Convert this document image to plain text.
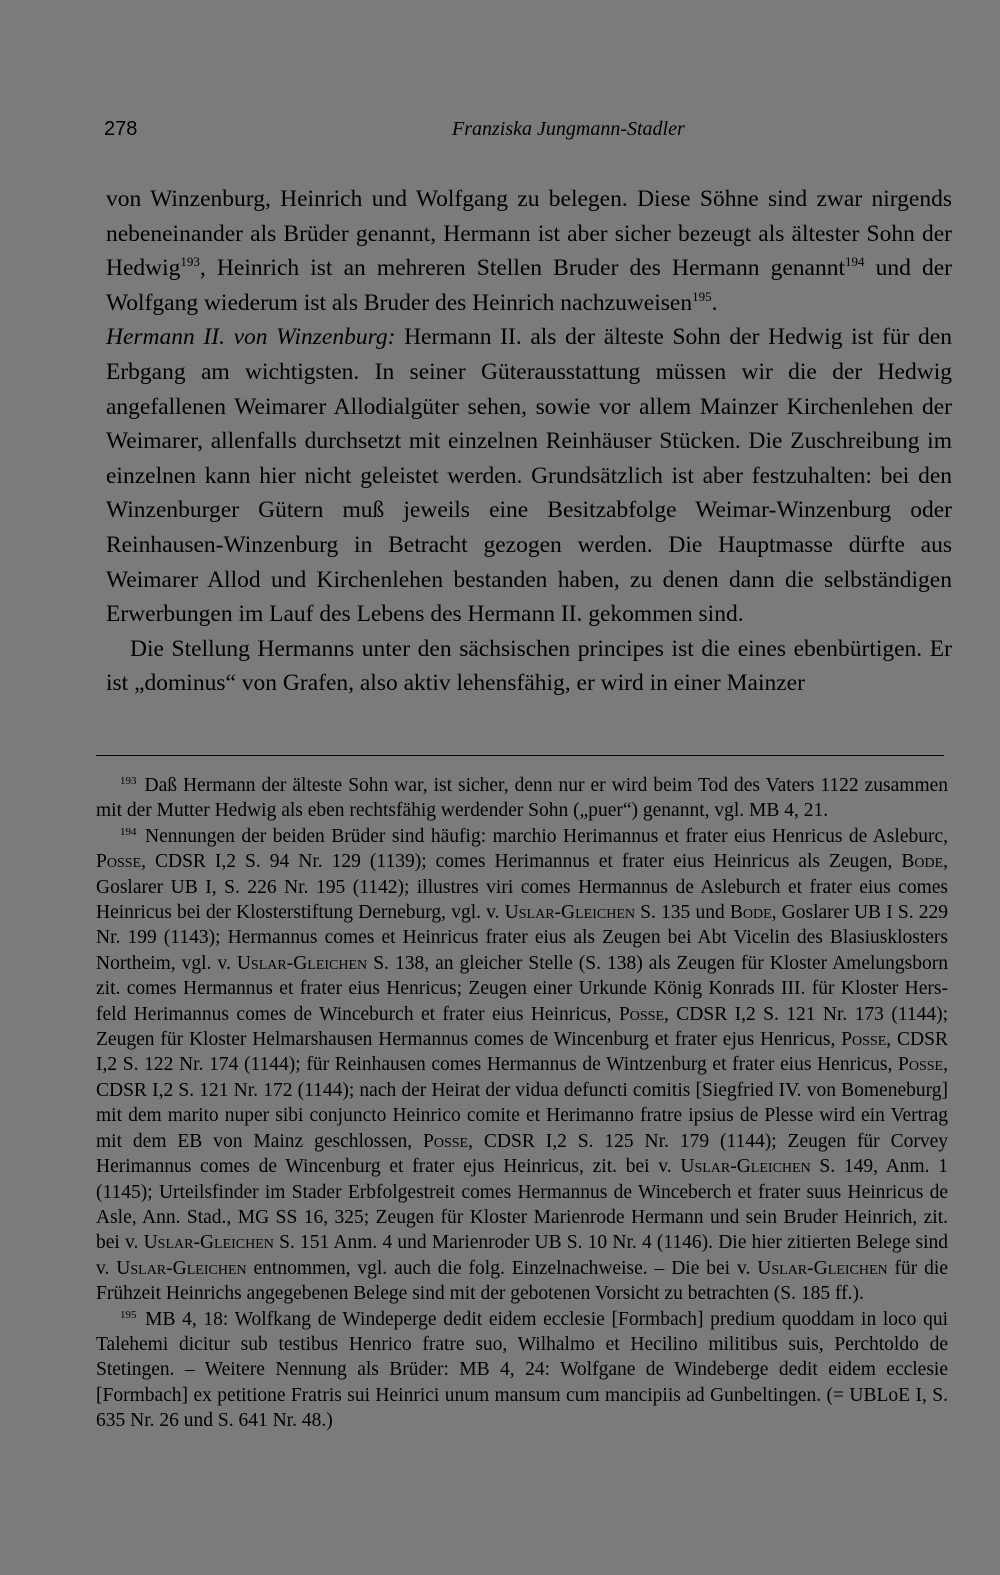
278	Franziska Jungmann-Stadler

von Winzenburg, Heinrich und Wolfgang zu belegen. Diese Söhne sind zwar nirgends nebeneinander als Brüder genannt, Hermann ist aber sicher bezeugt als ältester Sohn der Hedwig$^{193}$, Heinrich ist an mehreren Stellen Bruder des Hermann genannt$^{194}$ und der Wolfgang wiederum ist als Bruder des Heinrich nachzuweisen$^{195}$.

Hermann II. von Winzenburg: Hermann II. als der älteste Sohn der Hedwig ist für den Erbgang am wichtigsten. In seiner Güterausstattung müssen wir die der Hedwig angefallenen Weimarer Allodialgüter sehen, sowie vor allem Mainzer Kirchenlehen der Weimarer, allenfalls durchsetzt mit einzelnen Reinhäuser Stücken. Die Zuschreibung im einzelnen kann hier nicht geleistet werden. Grundsätzlich ist aber festzuhalten: bei den Winzenburger Gütern muß jeweils eine Besitzabfolge Weimar-Winzenburg oder Reinhausen-Winzenburg in Betracht gezogen werden. Die Hauptmasse dürfte aus Weimarer Allod und Kirchenlehen bestanden haben, zu denen dann die selbständigen Erwerbungen im Lauf des Lebens des Hermann II. gekommen sind.

Die Stellung Hermanns unter den sächsischen principes ist die eines ebenbürtigen. Er ist „dominus“ von Grafen, also aktiv lehensfähig, er wird in einer Mainzer

$^{193}$ Daß Hermann der älteste Sohn war, ist sicher, denn nur er wird beim Tod des Vaters 1122 zusammen mit der Mutter Hedwig als eben rechtsfähig werdender Sohn („puer“) genannt, vgl. MB 4, 21.

$^{194}$ Nennungen der beiden Brüder sind häufig: marchio Herimannus et frater eius Henricus de Asleburc, Posse, CDSR I,2 S. 94 Nr. 129 (1139); comes Herimannus et frater eius Heinricus als Zeugen, Bode, Goslarer UB I, S. 226 Nr. 195 (1142); illustres viri comes Hermannus de Asleburch et frater eius comes Heinricus bei der Klosterstiftung Derneburg, vgl. v. Uslar-Gleichen S. 135 und Bode, Goslarer UB I S. 229 Nr. 199 (1143); Hermannus comes et Heinricus frater eius als Zeugen bei Abt Vicelin des Blasiusklosters Northeim, vgl. v. Uslar-Gleichen S. 138, an gleicher Stelle (S. 138) als Zeugen für Kloster Amelungsborn zit. comes Hermannus et frater eius Henricus; Zeugen einer Urkunde König Konrads III. für Kloster Hersfeld Herimannus comes de Winceburch et frater eius Heinricus, Posse, CDSR I,2 S. 121 Nr. 173 (1144); Zeugen für Kloster Helmarshausen Hermannus comes de Wincenburg et frater ejus Henricus, Posse, CDSR I,2 S. 122 Nr. 174 (1144); für Reinhausen comes Hermannus de Wintzenburg et frater eius Henricus, Posse, CDSR I,2 S. 121 Nr. 172 (1144); nach der Heirat der vidua defuncti comitis [Siegfried IV. von Bomeneburg] mit dem marito nuper sibi conjuncto Heinrico comite et Herimanno fratre ipsius de Plesse wird ein Vertrag mit dem EB von Mainz geschlossen, Posse, CDSR I,2 S. 125 Nr. 179 (1144); Zeugen für Corvey Herimannus comes de Wincenburg et frater ejus Heinricus, zit. bei v. Uslar-Gleichen S. 149, Anm. 1 (1145); Urteilsfinder im Stader Erbfolgestreit comes Hermannus de Winceberch et frater suus Heinricus de Asle, Ann. Stad., MG SS 16, 325; Zeugen für Kloster Marienrode Hermann und sein Bruder Heinrich, zit. bei v. Uslar-Gleichen S. 151 Anm. 4 und Marienroder UB S. 10 Nr. 4 (1146). Die hier zitierten Belege sind v. Uslar-Gleichen entnommen, vgl. auch die folg. Einzelnachweise. – Die bei v. Uslar-Gleichen für die Frühzeit Heinrichs angegebenen Belege sind mit der gebotenen Vorsicht zu betrachten (S. 185 ff.).

$^{195}$ MB 4, 18: Wolfkang de Windeperge dedit eidem ecclesie [Formbach] predium quoddam in loco qui Talehemi dicitur sub testibus Henrico fratre suo, Wilhalmo et Hecilino militibus suis, Perchtoldo de Stetingen. – Weitere Nennung als Brüder: MB 4, 24: Wolfgane de Windeberge dedit eidem ecclesie [Formbach] ex petitione Fratris sui Heinrici unum mansum cum mancipiis ad Gunbeltingen. (= UBLoE I, S. 635 Nr. 26 und S. 641 Nr. 48.)
